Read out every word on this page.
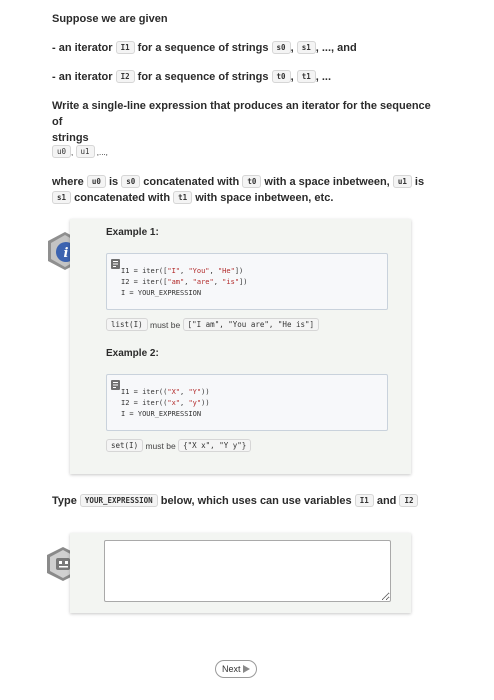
Suppose we are given
- an iterator I1 for a sequence of strings s0 , s1 , ..., and
- an iterator I2 for a sequence of strings t0 , t1 , ...
Write a single-line expression that produces an iterator for the sequence of
strings
u0 , u1 ,...,
where u0 is s0 concatenated with t0 with a space inbetween, u1 is s1 concatenated with t1 with space inbetween, etc.
i
Example 1:
I1 = iter(["I", "You", "He"])
I2 = iter(["am", "are", "is"])
I = YOUR_EXPRESSION
list(I) must be ["I am", "You are", "He is"]
Example 2:
I1 = iter(("X", "Y"))
I2 = iter(("x", "y"))
I = YOUR_EXPRESSION
set(I) must be {"X x", "Y y"}
Type YOUR_EXPRESSION below, which uses can use variables I1 and I2
Next
